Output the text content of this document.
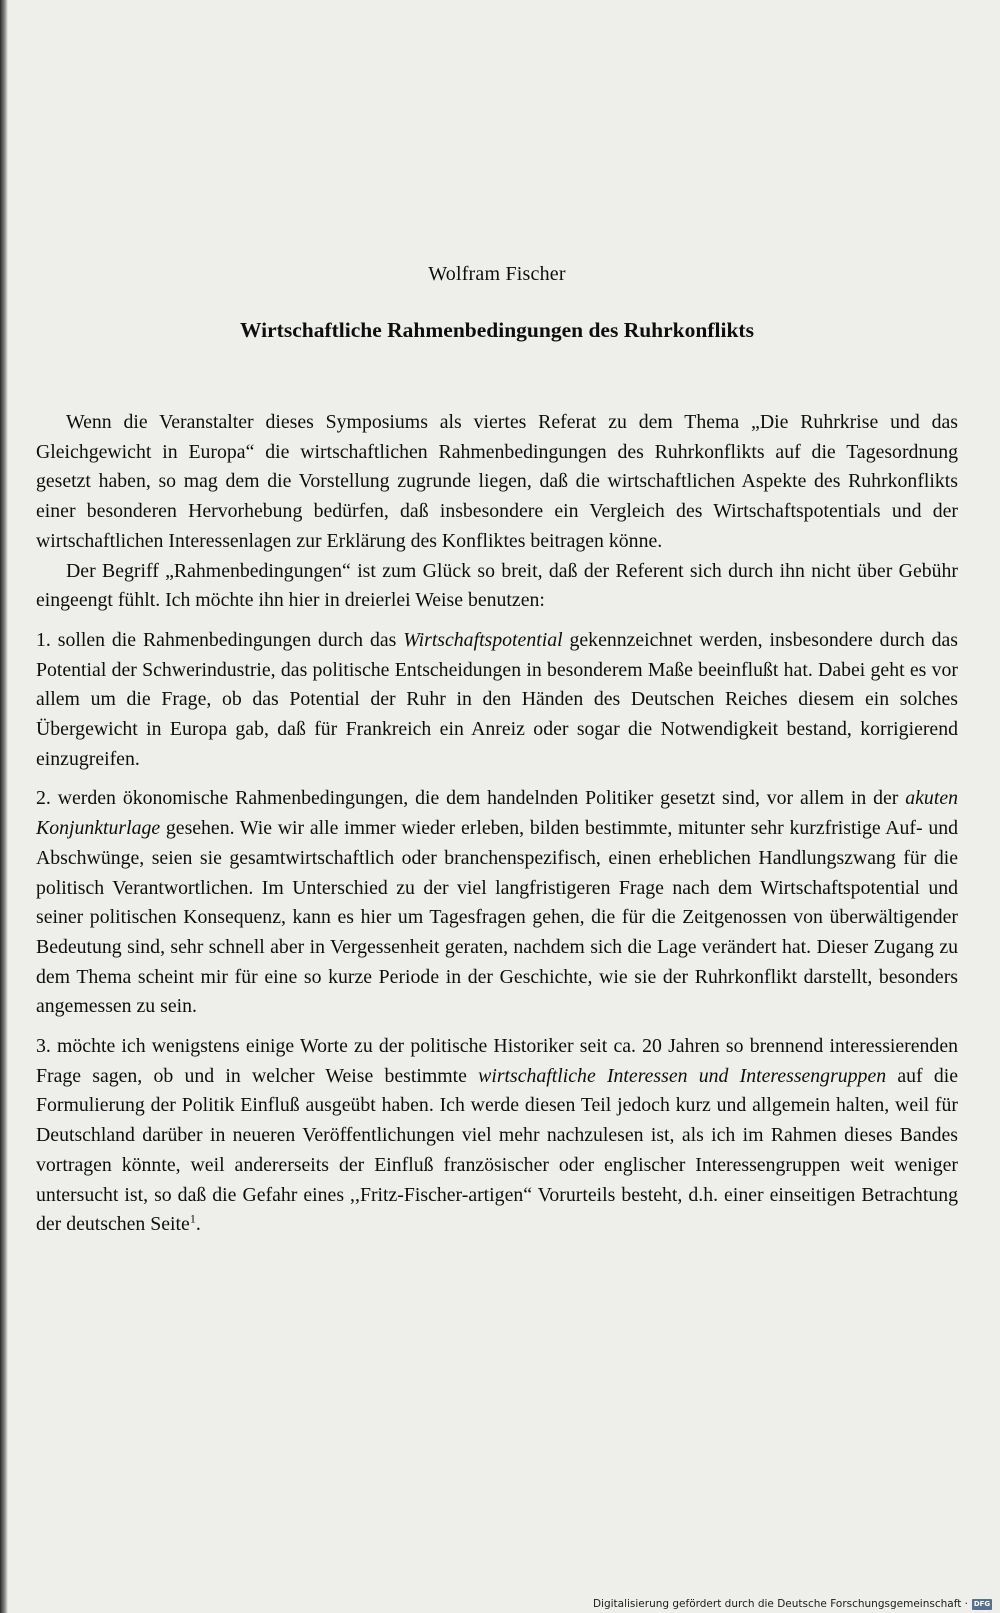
Wolfram Fischer
Wirtschaftliche Rahmenbedingungen des Ruhrkonflikts

Wenn die Veranstalter dieses Symposiums als viertes Referat zu dem Thema „Die Ruhrkrise und das Gleichgewicht in Europa“ die wirtschaftlichen Rahmenbedingungen des Ruhrkonflikts auf die Tagesordnung gesetzt haben, so mag dem die Vorstellung zugrunde liegen, daß die wirtschaftlichen Aspekte des Ruhrkonflikts einer besonderen Hervorhebung bedürfen, daß insbesondere ein Vergleich des Wirtschaftspotentials und der wirtschaftlichen Interessenlagen zur Erklärung des Konfliktes beitragen könne.

Der Begriff „Rahmenbedingungen“ ist zum Glück so breit, daß der Referent sich durch ihn nicht über Gebühr eingeengt fühlt. Ich möchte ihn hier in dreierlei Weise benutzen:

1. sollen die Rahmenbedingungen durch das Wirtschaftspotential gekennzeichnet werden, insbesondere durch das Potential der Schwerindustrie, das politische Entscheidungen in besonderem Maße beeinflußt hat. Dabei geht es vor allem um die Frage, ob das Potential der Ruhr in den Händen des Deutschen Reiches diesem ein solches Übergewicht in Europa gab, daß für Frankreich ein Anreiz oder sogar die Notwendigkeit bestand, korrigierend einzugreifen.

2. werden ökonomische Rahmenbedingungen, die dem handelnden Politiker gesetzt sind, vor allem in der akuten Konjunkturlage gesehen. Wie wir alle immer wieder erleben, bilden bestimmte, mitunter sehr kurzfristige Auf- und Abschwünge, seien sie gesamtwirtschaftlich oder branchenspezifisch, einen erheblichen Handlungszwang für die politisch Verantwortlichen. Im Unterschied zu der viel langfristigeren Frage nach dem Wirtschaftspotential und seiner politischen Konsequenz, kann es hier um Tagesfragen gehen, die für die Zeitgenossen von überwältigender Bedeutung sind, sehr schnell aber in Vergessenheit geraten, nachdem sich die Lage verändert hat. Dieser Zugang zu dem Thema scheint mir für eine so kurze Periode in der Geschichte, wie sie der Ruhrkonflikt darstellt, besonders angemessen zu sein.

3. möchte ich wenigstens einige Worte zu der politische Historiker seit ca. 20 Jahren so brennend interessierenden Frage sagen, ob und in welcher Weise bestimmte wirtschaftliche Interessen und Interessengruppen auf die Formulierung der Politik Einfluß ausgeübt haben. Ich werde diesen Teil jedoch kurz und allgemein halten, weil für Deutschland darüber in neueren Veröffentlichungen viel mehr nachzulesen ist, als ich im Rahmen dieses Bandes vortragen könnte, weil andererseits der Einfluß französischer oder englischer Interessengruppen weit weniger untersucht ist, so daß die Gefahr eines ,,Fritz-Fischer-artigen“ Vorurteils besteht, d.h. einer einseitigen Betrachtung der deutschen Seite$^1$.

Digitalisierung gefördert durch die Deutsche Forschungsgemeinschaft · DFG
